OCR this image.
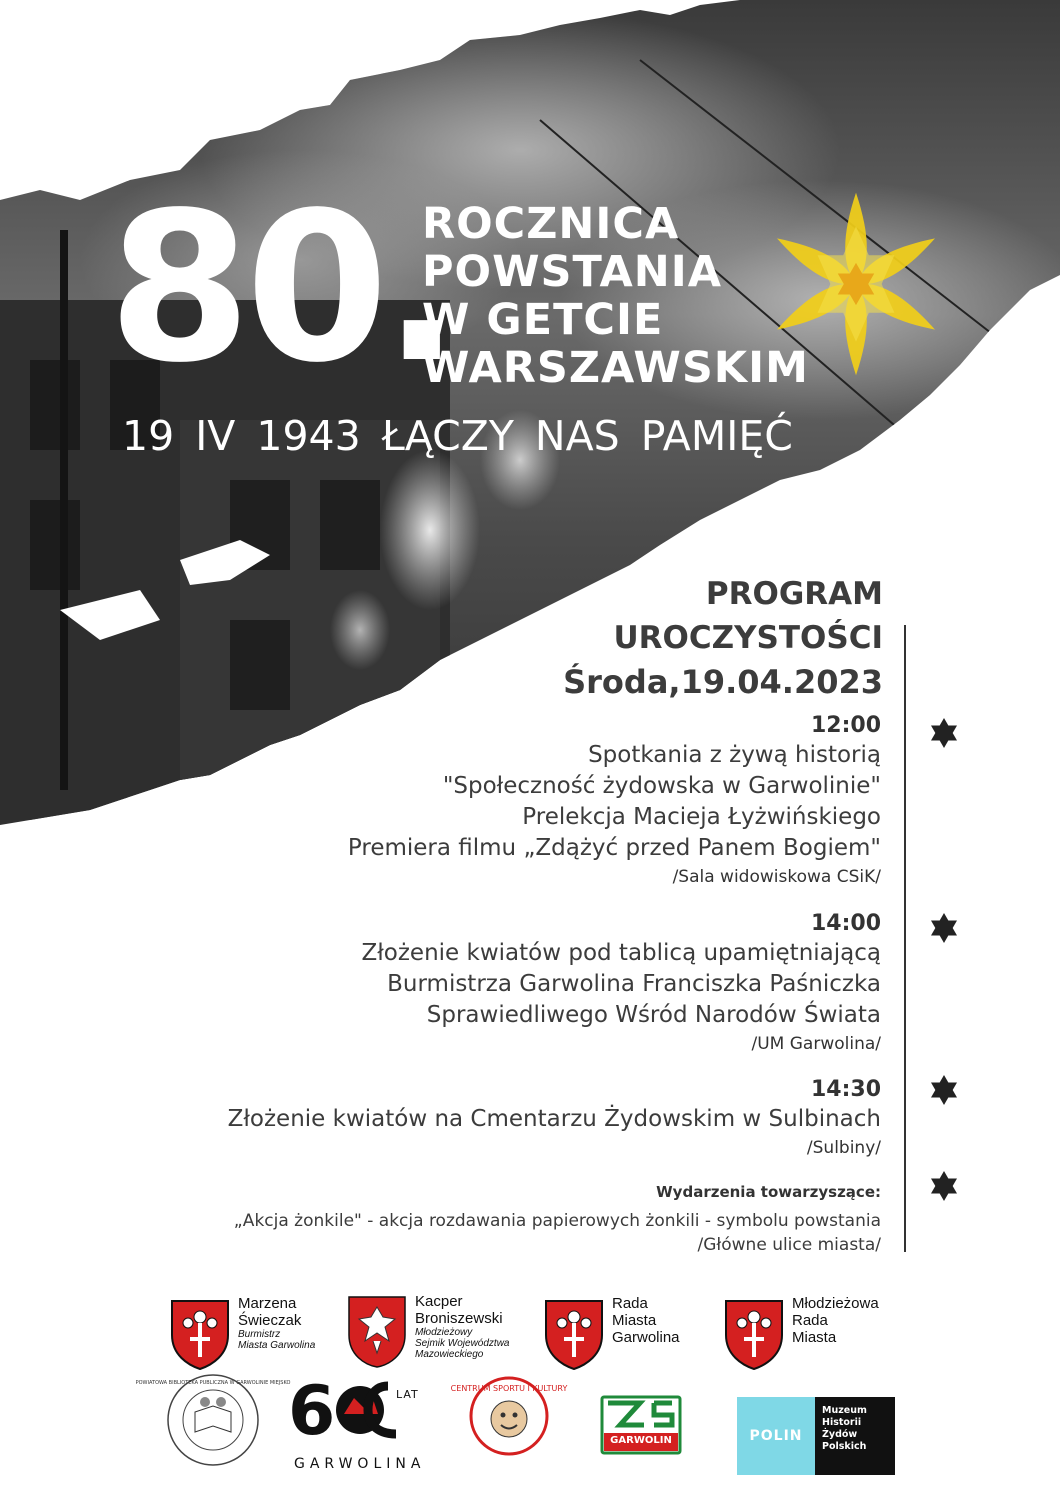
80.
ROCZNICA
POWSTANIA
W GETCIE
WARSZAWSKIM
19 IV 1943 ŁĄCZY NAS PAMIĘĆ
PROGRAM
UROCZYSTOŚCI
Środa,19.04.2023
12:00
Spotkania z żywą historią
"Społeczność żydowska w Garwolinie"
Prelekcja Macieja Łyżwińskiego
Premiera filmu „Zdążyć przed Panem Bogiem"
/Sala widowiskowa CSiK/
14:00
Złożenie kwiatów pod tablicą upamiętniającą
Burmistrza Garwolina Franciszka Paśniczka
Sprawiedliwego Wśród Narodów Świata
/UM Garwolina/
14:30
Złożenie kwiatów na Cmentarzu Żydowskim w Sulbinach
/Sulbiny/
Wydarzenia towarzyszące:
„Akcja żonkile" - akcja rozdawania papierowych żonkili - symbolu powstania
/Główne ulice miasta/
Marzena
Świeczak
Burmistrz
Miasta Garwolina
Kacper
Broniszewski
Młodzieżowy
Sejmik Województwa
Mazowieckiego
Rada
Miasta
Garwolina
Młodzieżowa
Rada
Miasta
POWIATOWA BIBLIOTEKA PUBLICZNA W GARWOLINIE MIEJSKO
6	LAT
GARWOLINA
CENTRUM SPORTU I KULTURY
GARWOLIN	POLIN
Muzeum
Historii
Żydów
Polskich
